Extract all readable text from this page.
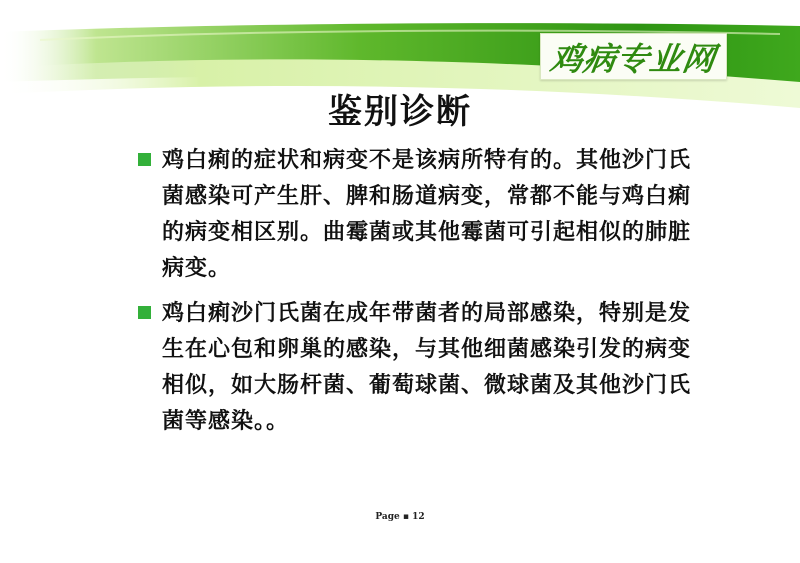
鸡病专业网
鉴别诊断
鸡白痢的症状和病变不是该病所特有的。其他沙门氏菌感染可产生肝、脾和肠道病变，常都不能与鸡白痢的病变相区别。曲霉菌或其他霉菌可引起相似的肺脏病变。
鸡白痢沙门氏菌在成年带菌者的局部感染，特别是发生在心包和卵巢的感染，与其他细菌感染引发的病变相似，如大肠杆菌、葡萄球菌、微球菌及其他沙门氏菌等感染。。
Page ▪ 12
